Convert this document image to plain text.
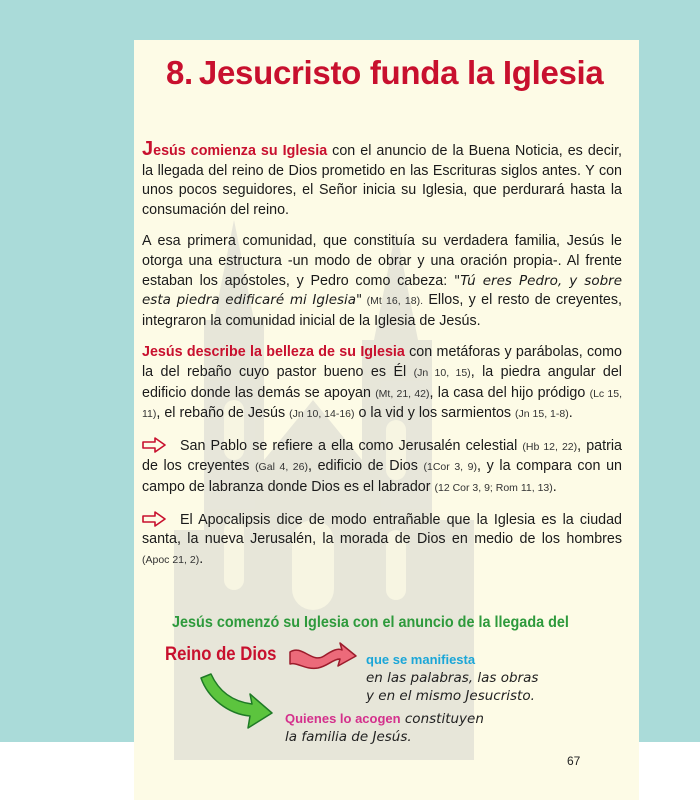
8. Jesucristo funda la Iglesia

Jesús comienza su Iglesia con el anuncio de la Buena Noticia, es decir, la llegada del reino de Dios prometido en las Escrituras siglos antes. Y con unos pocos seguidores, el Señor inicia su Iglesia, que perdurará hasta la consumación del reino.

A esa primera comunidad, que constituía su verdadera familia, Jesús le otorga una estructura -un modo de obrar y una oración propia-. Al frente estaban los apóstoles, y Pedro como cabeza: "Tú eres Pedro, y sobre esta piedra edificaré mi Iglesia" (Mt 16, 18). Ellos, y el resto de creyentes, integraron la comunidad inicial de la Iglesia de Jesús.

Jesús describe la belleza de su Iglesia con metáforas y parábolas, como la del rebaño cuyo pastor bueno es Él (Jn 10, 15), la piedra angular del edificio donde las demás se apoyan (Mt, 21, 42), la casa del hijo pródigo (Lc 15, 11), el rebaño de Jesús (Jn 10, 14-16) o la vid y los sarmientos (Jn 15, 1-8).

San Pablo se refiere a ella como Jerusalén celestial (Hb 12, 22), patria de los creyentes (Gal 4, 26), edificio de Dios (1Cor 3, 9), y la compara con un campo de labranza donde Dios es el labrador (12 Cor 3, 9; Rom 11, 13).

El Apocalipsis dice de modo entrañable que la Iglesia es la ciudad santa, la nueva Jerusalén, la morada de Dios en medio de los hombres (Apoc 21, 2).

Jesús comenzó su Iglesia con el anuncio de la llegada del
Reino de Dios	que se manifiesta
en las palabras, las obras
y en el mismo Jesucristo.
Quienes lo acogen constituyen
la familia de Jesús.
67
